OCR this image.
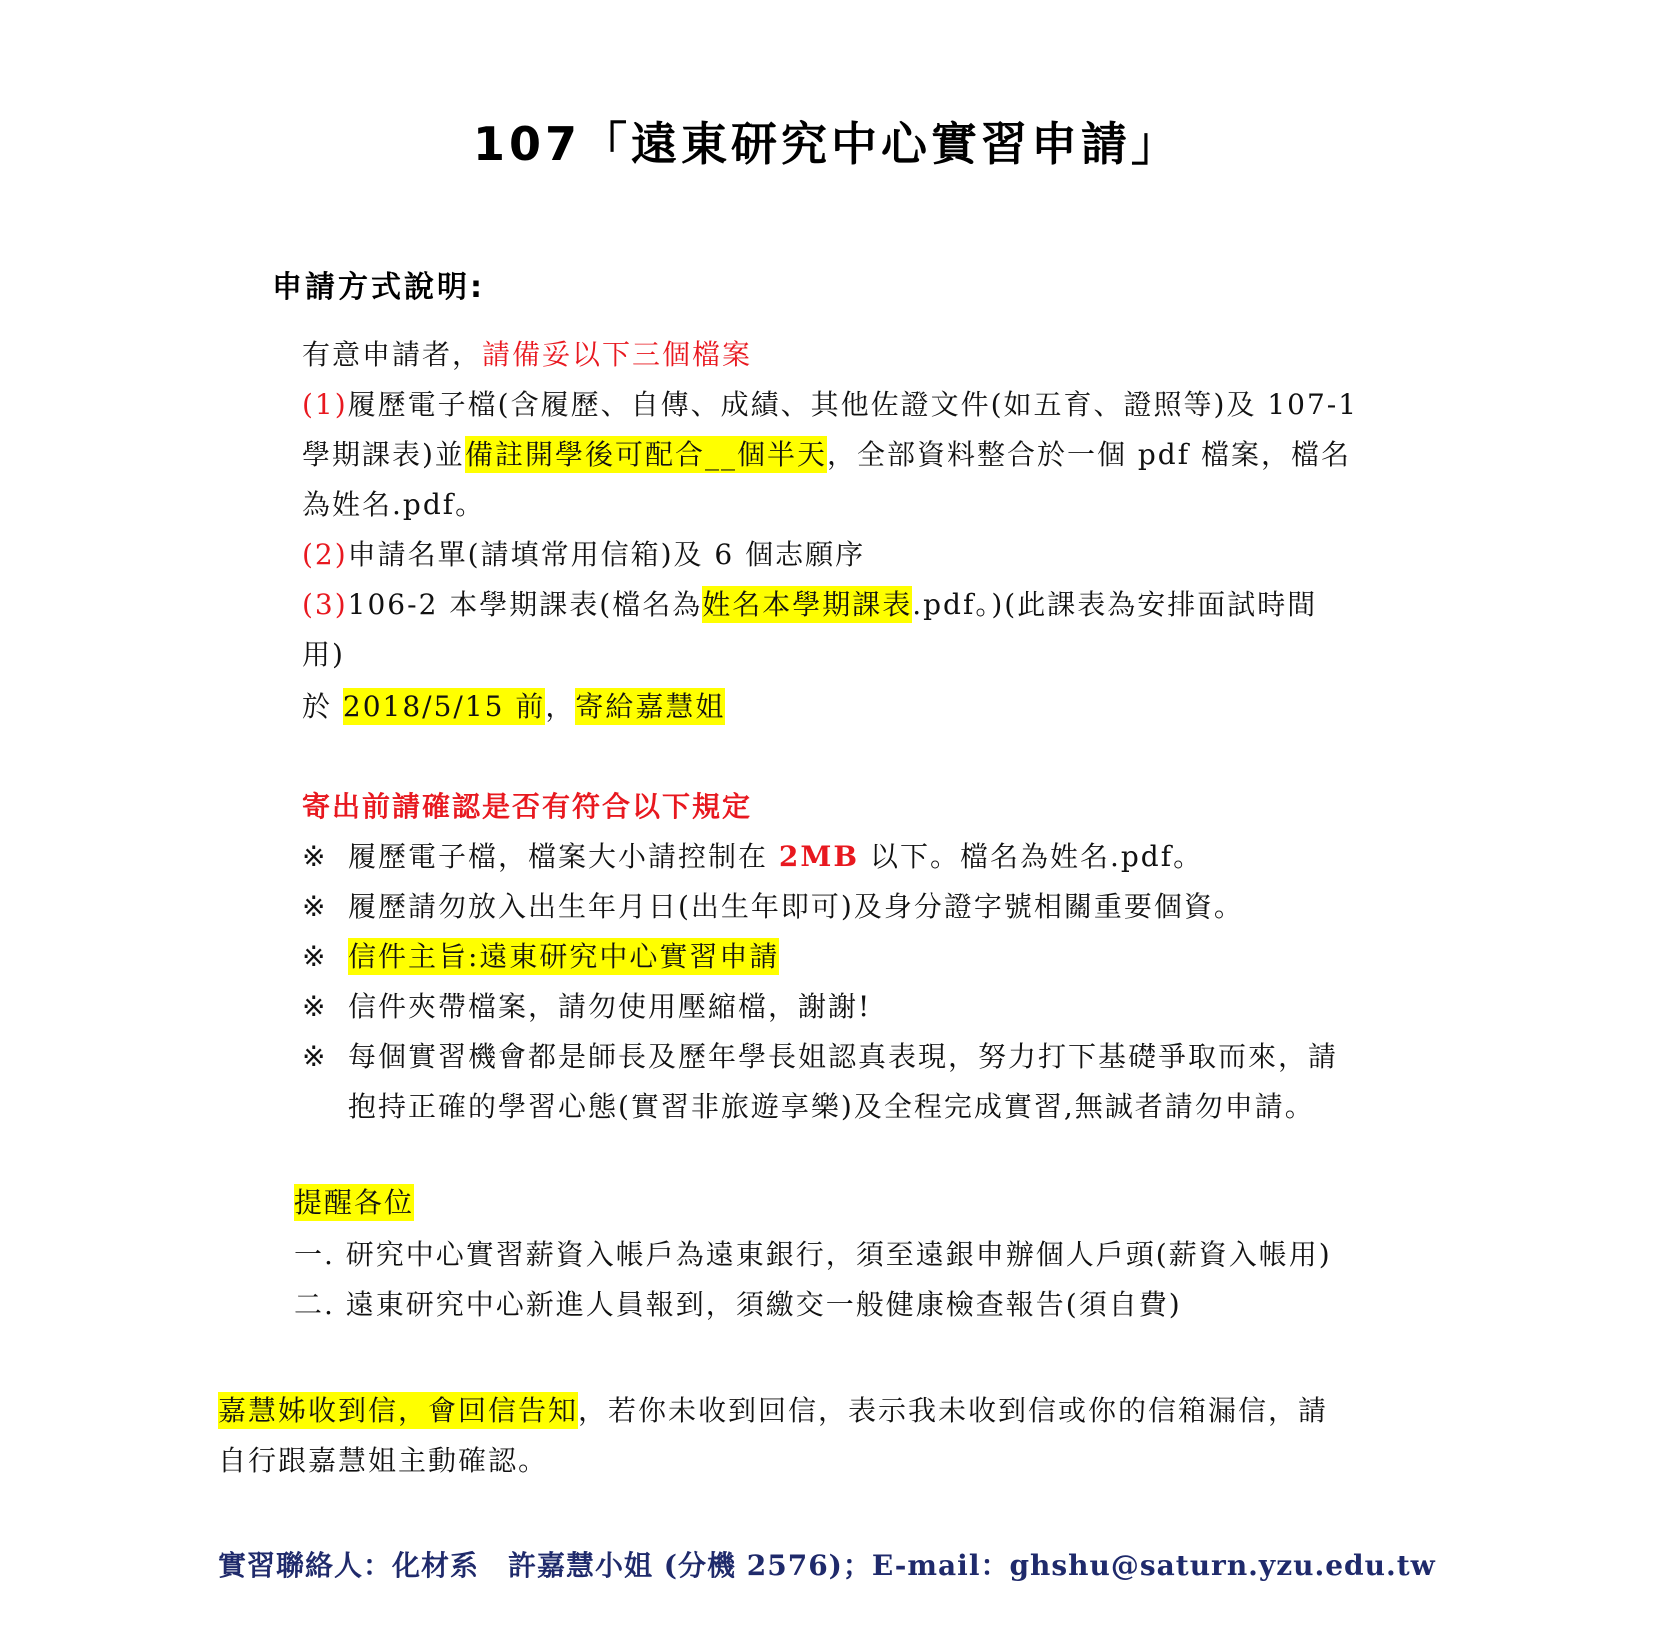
107「遠東研究中心實習申請」
申請方式說明:
有意申請者，請備妥以下三個檔案
(1)履歷電子檔(含履歷、自傳、成績、其他佐證文件(如五育、證照等)及 107-1
學期課表)並備註開學後可配合__個半天，全部資料整合於一個 pdf 檔案，檔名
為姓名.pdf。
(2)申請名單(請填常用信箱)及 6 個志願序
(3)106-2 本學期課表(檔名為姓名本學期課表.pdf。)(此課表為安排面試時間
用)
於 2018/5/15 前，寄給嘉慧姐
寄出前請確認是否有符合以下規定
※ 履歷電子檔，檔案大小請控制在 2MB 以下。檔名為姓名.pdf。
※ 履歷請勿放入出生年月日(出生年即可)及身分證字號相關重要個資。
※ 信件主旨:遠東研究中心實習申請
※ 信件夾帶檔案，請勿使用壓縮檔，謝謝!
※ 每個實習機會都是師長及歷年學長姐認真表現，努力打下基礎爭取而來，請
抱持正確的學習心態(實習非旅遊享樂)及全程完成實習,無誠者請勿申請。
提醒各位
一. 研究中心實習薪資入帳戶為遠東銀行，須至遠銀申辦個人戶頭(薪資入帳用)
二. 遠東研究中心新進人員報到，須繳交一般健康檢查報告(須自費)
嘉慧姊收到信，會回信告知，若你未收到回信，表示我未收到信或你的信箱漏信，請
自行跟嘉慧姐主動確認。
實習聯絡人：化材系　許嘉慧小姐 (分機 2576)；E-mail：ghshu@saturn.yzu.edu.tw
